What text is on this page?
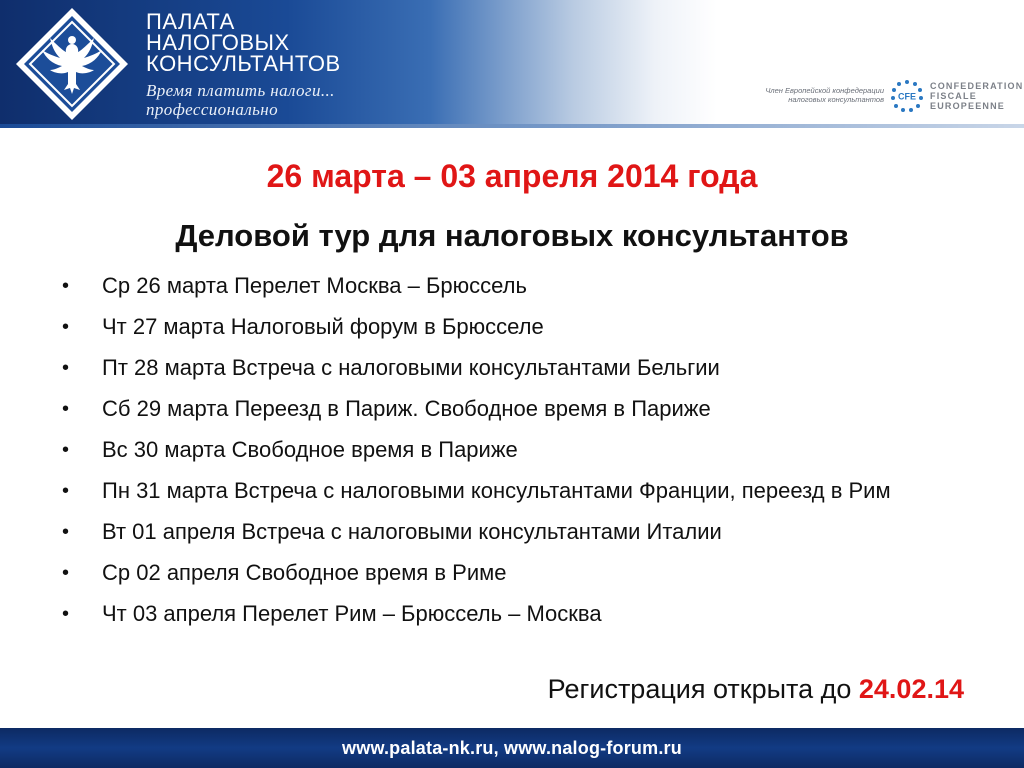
ПАЛАТА
НАЛОГОВЫХ
КОНСУЛЬТАНТОВ
Время платить налоги...
профессионально
Член Европейской конфедерации
налоговых консультантов CFE
CONFEDERATION
FISCALE
EUROPEENNE
26 марта – 03 апреля 2014 года
Деловой тур для налоговых консультантов
•	Ср 26 марта Перелет Москва – Брюссель
•	Чт 27 марта Налоговый форум в Брюсселе
•	Пт 28 марта Встреча с налоговыми консультантами Бельгии
•	Сб 29 марта Переезд в Париж. Свободное время в Париже
•	Вс 30 марта Свободное время в Париже
•	Пн 31 марта Встреча с налоговыми консультантами Франции, переезд в Рим
•	Вт 01 апреля Встреча с налоговыми консультантами Италии
•	Ср 02 апреля Свободное время в Риме
•	Чт 03 апреля Перелет Рим – Брюссель – Москва
Регистрация открыта до 24.02.14
www.palata-nk.ru, www.nalog-forum.ru
